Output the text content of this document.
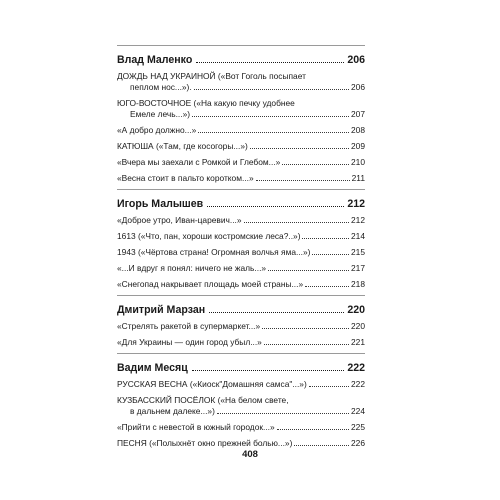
Влад Маленко	206
ДОЖДЬ НАД УКРАИНОЙ («Вот Гоголь посыпает
пеплом нос...»).	206
ЮГО-ВОСТОЧНОЕ («На какую печку удобнее
Емеле лечь...»)	207
«А добро должно...»	208
КАТЮША («Там, где косогоры...»)	209
«Вчера мы заехали с Ромкой и Глебом...»	210
«Весна стоит в пальто коротком...»	211
Игорь Малышев	212
«Доброе утро, Иван-царевич...»	212
1613 («Что, пан, хороши костромские леса?..»)	214
1943 («Чёртова страна! Огромная волчья яма...»)	215
«...И вдруг я понял: ничего не жаль...»	217
«Снегопад накрывает площадь моей страны...»	218
Дмитрий Марзан	220
«Стрелять ракетой в супермаркет...»	220
«Для Украины — один город убыл...»	221
Вадим Месяц	222
РУССКАЯ ВЕСНА («Киоск"Домашняя самса"...»)	222
КУЗБАССКИЙ ПОСЁЛОК («На белом свете,
в дальнем далеке...»)	224
«Прийти с невестой в южный городок...»	225
ПЕСНЯ («Полыхнёт окно прежней болью...»)	226
408
